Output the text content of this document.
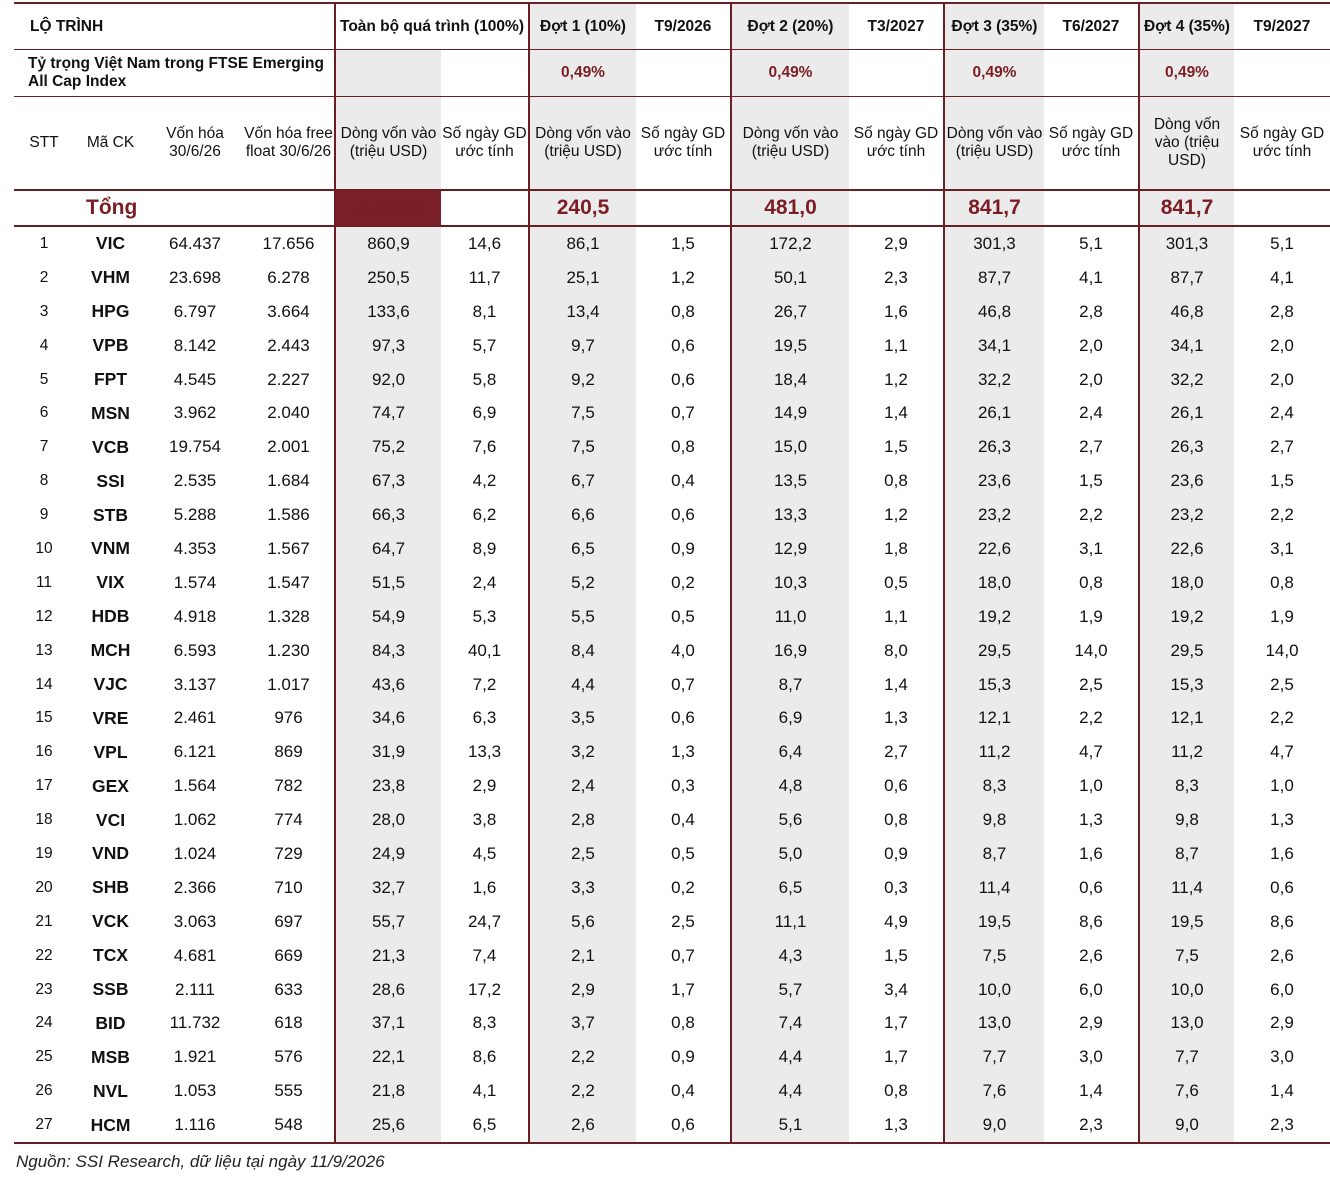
LỘ TRÌNH				Toàn bộ quá trình (100%)		Đợt 1 (10%)	T9/2026	Đợt 2 (20%)	T3/2027	Đợt 3 (35%)	T6/2027	Đợt 4 (35%)	T9/2027
Tỷ trọng Việt Nam trong FTSE Emerging All Cap Index						0,49%		0,49%		0,49%		0,49%	
STT	Mã CK	Vốn hóa 30/6/26	Vốn hóa free float 30/6/26	Dòng vốn vào (triệu USD)	Số ngày GD ước tính	Dòng vốn vào (triệu USD)	Số ngày GD ước tính	Dòng vốn vào (triệu USD)	Số ngày GD ước tính	Dòng vốn vào (triệu USD)	Số ngày GD ước tính	Dòng vốn vào (triệu USD)	Số ngày GD ước tính
Tổng				2.404,9		240,5		481,0		841,7		841,7	
1	VIC	64.437	17.656	860,9	14,6	86,1	1,5	172,2	2,9	301,3	5,1	301,3	5,1
2	VHM	23.698	6.278	250,5	11,7	25,1	1,2	50,1	2,3	87,7	4,1	87,7	4,1
3	HPG	6.797	3.664	133,6	8,1	13,4	0,8	26,7	1,6	46,8	2,8	46,8	2,8
4	VPB	8.142	2.443	97,3	5,7	9,7	0,6	19,5	1,1	34,1	2,0	34,1	2,0
5	FPT	4.545	2.227	92,0	5,8	9,2	0,6	18,4	1,2	32,2	2,0	32,2	2,0
6	MSN	3.962	2.040	74,7	6,9	7,5	0,7	14,9	1,4	26,1	2,4	26,1	2,4
7	VCB	19.754	2.001	75,2	7,6	7,5	0,8	15,0	1,5	26,3	2,7	26,3	2,7
8	SSI	2.535	1.684	67,3	4,2	6,7	0,4	13,5	0,8	23,6	1,5	23,6	1,5
9	STB	5.288	1.586	66,3	6,2	6,6	0,6	13,3	1,2	23,2	2,2	23,2	2,2
10	VNM	4.353	1.567	64,7	8,9	6,5	0,9	12,9	1,8	22,6	3,1	22,6	3,1
11	VIX	1.574	1.547	51,5	2,4	5,2	0,2	10,3	0,5	18,0	0,8	18,0	0,8
12	HDB	4.918	1.328	54,9	5,3	5,5	0,5	11,0	1,1	19,2	1,9	19,2	1,9
13	MCH	6.593	1.230	84,3	40,1	8,4	4,0	16,9	8,0	29,5	14,0	29,5	14,0
14	VJC	3.137	1.017	43,6	7,2	4,4	0,7	8,7	1,4	15,3	2,5	15,3	2,5
15	VRE	2.461	976	34,6	6,3	3,5	0,6	6,9	1,3	12,1	2,2	12,1	2,2
16	VPL	6.121	869	31,9	13,3	3,2	1,3	6,4	2,7	11,2	4,7	11,2	4,7
17	GEX	1.564	782	23,8	2,9	2,4	0,3	4,8	0,6	8,3	1,0	8,3	1,0
18	VCI	1.062	774	28,0	3,8	2,8	0,4	5,6	0,8	9,8	1,3	9,8	1,3
19	VND	1.024	729	24,9	4,5	2,5	0,5	5,0	0,9	8,7	1,6	8,7	1,6
20	SHB	2.366	710	32,7	1,6	3,3	0,2	6,5	0,3	11,4	0,6	11,4	0,6
21	VCK	3.063	697	55,7	24,7	5,6	2,5	11,1	4,9	19,5	8,6	19,5	8,6
22	TCX	4.681	669	21,3	7,4	2,1	0,7	4,3	1,5	7,5	2,6	7,5	2,6
23	SSB	2.111	633	28,6	17,2	2,9	1,7	5,7	3,4	10,0	6,0	10,0	6,0
24	BID	11.732	618	37,1	8,3	3,7	0,8	7,4	1,7	13,0	2,9	13,0	2,9
25	MSB	1.921	576	22,1	8,6	2,2	0,9	4,4	1,7	7,7	3,0	7,7	3,0
26	NVL	1.053	555	21,8	4,1	2,2	0,4	4,4	0,8	7,6	1,4	7,6	1,4
27	HCM	1.116	548	25,6	6,5	2,6	0,6	5,1	1,3	9,0	2,3	9,0	2,3
Nguồn: SSI Research, dữ liệu tại ngày 11/9/2026
